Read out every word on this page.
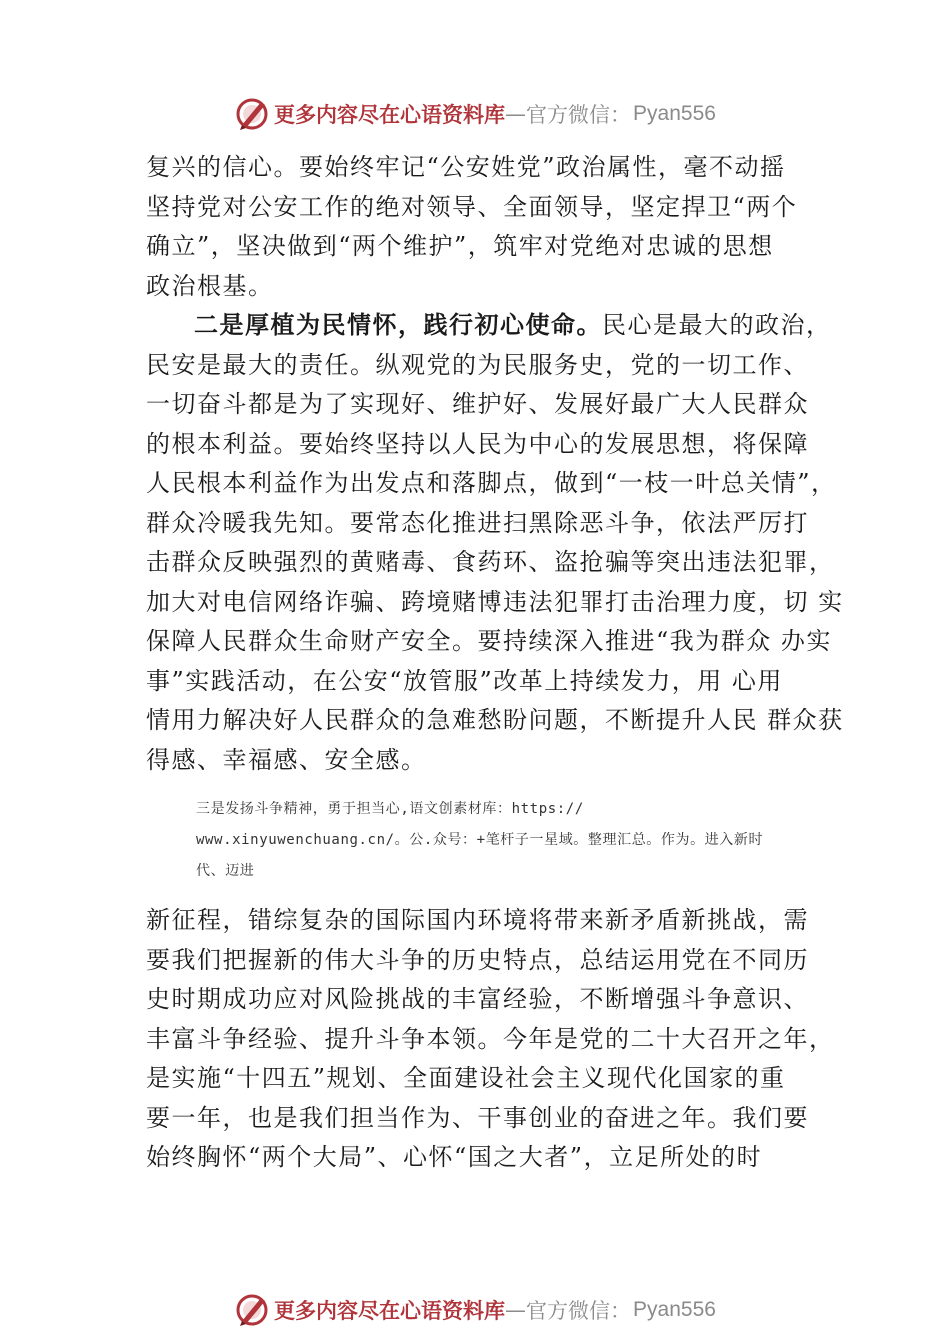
更多内容尽在心语资料库 — 官方微信： Pyan556
复兴的信心。要始终牢记“公安姓党”政治属性，毫不动摇
坚持党对公安工作的绝对领导、全面领导，坚定捍卫“两个
确立”，坚决做到“两个维护”，筑牢对党绝对忠诚的思想
政治根基。
二是厚植为民情怀，践行初心使命。民心是最大的政治，
民安是最大的责任。纵观党的为民服务史，党的一切工作、
一切奋斗都是为了实现好、维护好、发展好最广大人民群众
的根本利益。要始终坚持以人民为中心的发展思想，将保障
人民根本利益作为出发点和落脚点，做到“一枝一叶总关情”，
群众冷暖我先知。要常态化推进扫黑除恶斗争，依法严厉打
击群众反映强烈的黄赌毒、食药环、盗抢骗等突出违法犯罪，
加大对电信网络诈骗、跨境赌博违法犯罪打击治理力度，切 实
保障人民群众生命财产安全。要持续深入推进“我为群众 办实
事”实践活动，在公安“放管服”改革上持续发力，用 心用
情用力解决好人民群众的急难愁盼问题，不断提升人民 群众获
得感、幸福感、安全感。
三是发扬斗争精神，勇于担当心,语文创素材库：https://
www.xinyuwenchuang.cn/。公.众号：+笔杆子一星域。整理汇总。作为。进入新时
代、迈进
新征程，错综复杂的国际国内环境将带来新矛盾新挑战，需
要我们把握新的伟大斗争的历史特点，总结运用党在不同历
史时期成功应对风险挑战的丰富经验，不断增强斗争意识、
丰富斗争经验、提升斗争本领。今年是党的二十大召开之年，
是实施“十四五”规划、全面建设社会主义现代化国家的重
要一年，也是我们担当作为、干事创业的奋进之年。我们要
始终胸怀“两个大局”、心怀“国之大者”，立足所处的时
更多内容尽在心语资料库 — 官方微信： Pyan556
